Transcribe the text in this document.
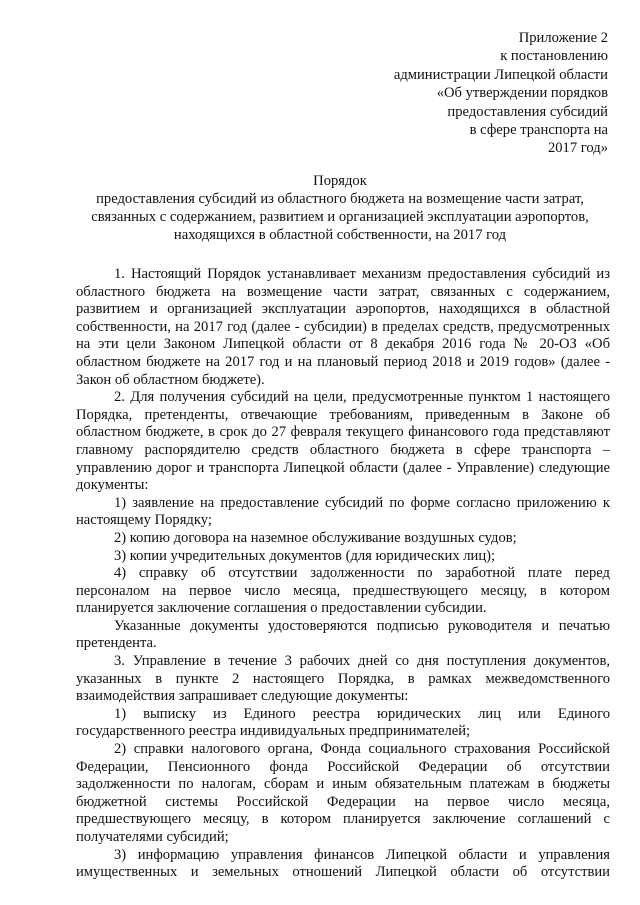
Приложение 2
к постановлению
администрации Липецкой области
«Об утверждении порядков
предоставления субсидий
в сфере транспорта на
2017 год»
Порядок
предоставления субсидий из областного бюджета на возмещение части затрат,
связанных с содержанием, развитием и организацией эксплуатации аэропортов,
находящихся в областной собственности, на 2017 год

1. Настоящий Порядок устанавливает механизм предоставления субсидий из областного бюджета на возмещение части затрат, связанных с содержанием, развитием и организацией эксплуатации аэропортов, находящихся в областной собственности, на 2017 год (далее - субсидии) в пределах средств, предусмотренных на эти цели Законом Липецкой области от 8 декабря 2016 года № 20-ОЗ «Об областном бюджете на 2017 год и на плановый период 2018 и 2019 годов» (далее - Закон об областном бюджете).

2. Для получения субсидий на цели, предусмотренные пунктом 1 настоящего Порядка, претенденты, отвечающие требованиям, приведенным в Законе об областном бюджете, в срок до 27 февраля текущего финансового года представляют главному распорядителю средств областного бюджета в сфере транспорта – управлению дорог и транспорта Липецкой области (далее - Управление) следующие документы:

1) заявление на предоставление субсидий по форме согласно приложению к настоящему Порядку;

2) копию договора на наземное обслуживание воздушных судов;

3) копии учредительных документов (для юридических лиц);

4) справку об отсутствии задолженности по заработной плате перед персоналом на первое число месяца, предшествующего месяцу, в котором планируется заключение соглашения о предоставлении субсидии.

Указанные документы удостоверяются подписью руководителя и печатью претендента.

3. Управление в течение 3 рабочих дней со дня поступления документов, указанных в пункте 2 настоящего Порядка, в рамках межведомственного взаимодействия запрашивает следующие документы:

1) выписку из Единого реестра юридических лиц или Единого государственного реестра индивидуальных предпринимателей;

2) справки налогового органа, Фонда социального страхования Российской Федерации, Пенсионного фонда Российской Федерации об отсутствии задолженности по налогам, сборам и иным обязательным платежам в бюджеты бюджетной системы Российской Федерации на первое число месяца, предшествующего месяцу, в котором планируется заключение соглашений с получателями субсидий;

3) информацию управления финансов Липецкой области и управления имущественных и земельных отношений Липецкой области об отсутствии
